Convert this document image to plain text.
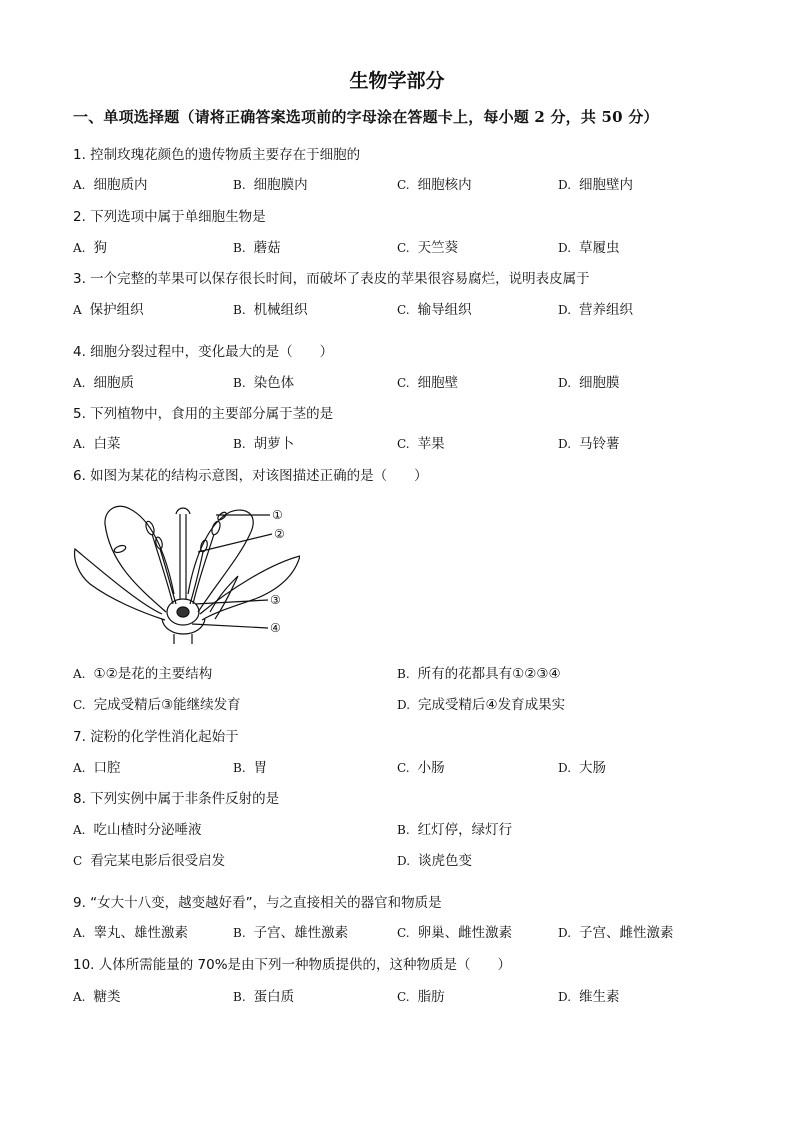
生物学部分
一、单项选择题（请将正确答案选项前的字母涂在答题卡上，每小题 2 分，共 50 分）
1. 控制玫瑰花颜色的遗传物质主要存在于细胞的
A. 细胞质内	B. 细胞膜内	C. 细胞核内	D. 细胞壁内
2. 下列选项中属于单细胞生物是
A. 狗	B. 蘑菇	C. 天竺葵	D. 草履虫
3. 一个完整的苹果可以保存很长时间，而破坏了表皮的苹果很容易腐烂，说明表皮属于
A 保护组织	B. 机械组织	C. 输导组织	D. 营养组织
4. 细胞分裂过程中，变化最大的是（　　）
A. 细胞质	B. 染色体	C. 细胞壁	D. 细胞膜
5. 下列植物中，食用的主要部分属于茎的是
A. 白菜	B. 胡萝卜	C. 苹果	D. 马铃薯
6. 如图为某花的结构示意图，对该图描述正确的是（　　）
①
②
③
④
A. ①②是花的主要结构	B. 所有的花都具有①②③④
C. 完成受精后③能继续发育	D. 完成受精后④发育成果实
7. 淀粉的化学性消化起始于
A. 口腔	B. 胃	C. 小肠	D. 大肠
8. 下列实例中属于非条件反射的是
A. 吃山楂时分泌唾液	B. 红灯停，绿灯行
C 看完某电影后很受启发	D. 谈虎色变
9. “女大十八变，越变越好看”，与之直接相关的器官和物质是
A. 睾丸、雄性激素	B. 子宫、雄性激素	C. 卵巢、雌性激素	D. 子宫、雌性激素
10. 人体所需能量的 70%是由下列一种物质提供的，这种物质是（　　）
A. 糖类	B. 蛋白质	C. 脂肪	D. 维生素
